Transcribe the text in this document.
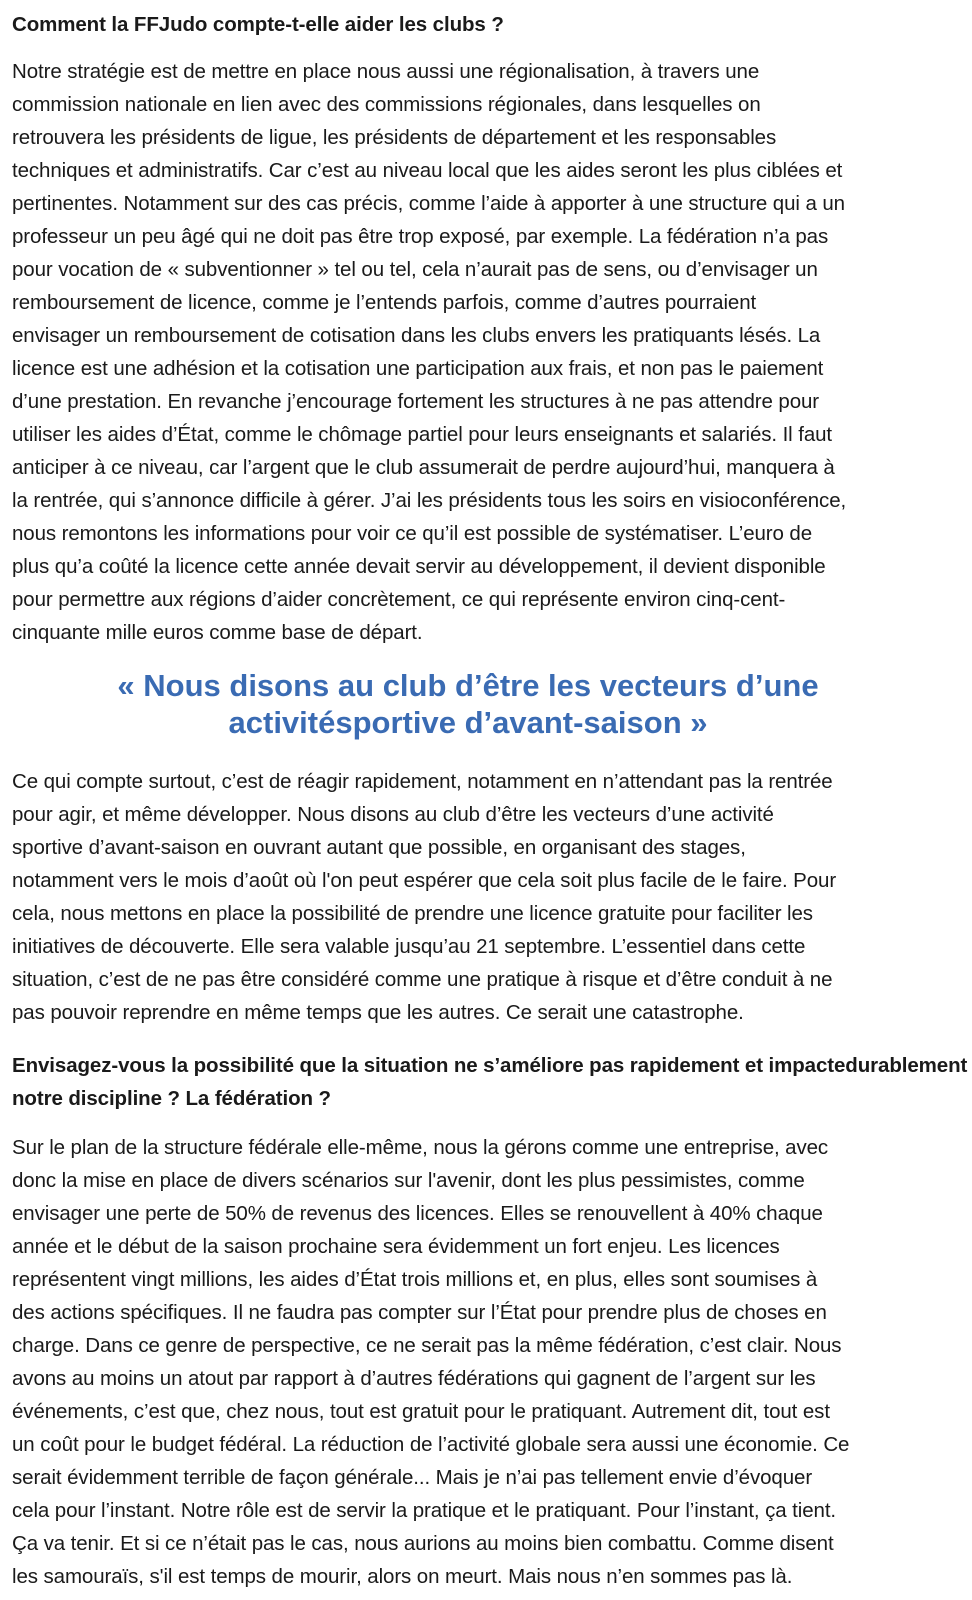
Comment la FFJudo compte-t-elle aider les clubs ?
Notre stratégie est de mettre en place nous aussi une régionalisation, à travers une
commission nationale en lien avec des commissions régionales, dans lesquelles on
retrouvera les présidents de ligue, les présidents de département et les responsables
techniques et administratifs. Car c’est au niveau local que les aides seront les plus ciblées et
pertinentes. Notamment sur des cas précis, comme l’aide à apporter à une structure qui a un
professeur un peu âgé qui ne doit pas être trop exposé, par exemple. La fédération n’a pas
pour vocation de « subventionner » tel ou tel, cela n’aurait pas de sens, ou d’envisager un
remboursement de licence, comme je l’entends parfois, comme d’autres pourraient
envisager un remboursement de cotisation dans les clubs envers les pratiquants lésés. La
licence est une adhésion et la cotisation une participation aux frais, et non pas le paiement
d’une prestation. En revanche j’encourage fortement les structures à ne pas attendre pour
utiliser les aides d’État, comme le chômage partiel pour leurs enseignants et salariés. Il faut
anticiper à ce niveau, car l’argent que le club assumerait de perdre aujourd’hui, manquera à
la rentrée, qui s’annonce difficile à gérer. J’ai les présidents tous les soirs en visioconférence,
nous remontons les informations pour voir ce qu’il est possible de systématiser. L’euro de
plus qu’a coûté la licence cette année devait servir au développement, il devient disponible
pour permettre aux régions d’aider concrètement, ce qui représente environ cinq-cent-
cinquante mille euros comme base de départ.
« Nous disons au club d’être les vecteurs d’une activitésportive d’avant-saison »
Ce qui compte surtout, c’est de réagir rapidement, notamment en n’attendant pas la rentrée
pour agir, et même développer. Nous disons au club d’être les vecteurs d’une activité
sportive d’avant-saison en ouvrant autant que possible, en organisant des stages,
notamment vers le mois d’août où l'on peut espérer que cela soit plus facile de le faire. Pour
cela, nous mettons en place la possibilité de prendre une licence gratuite pour faciliter les
initiatives de découverte. Elle sera valable jusqu’au 21 septembre. L’essentiel dans cette
situation, c’est de ne pas être considéré comme une pratique à risque et d’être conduit à ne
pas pouvoir reprendre en même temps que les autres. Ce serait une catastrophe.
Envisagez-vous la possibilité que la situation ne s’améliore pas rapidement et impactedurablement notre discipline ? La fédération ?
Sur le plan de la structure fédérale elle-même, nous la gérons comme une entreprise, avec
donc la mise en place de divers scénarios sur l'avenir, dont les plus pessimistes, comme
envisager une perte de 50% de revenus des licences. Elles se renouvellent à 40% chaque
année et le début de la saison prochaine sera évidemment un fort enjeu. Les licences
représentent vingt millions, les aides d’État trois millions et, en plus, elles sont soumises à
des actions spécifiques. Il ne faudra pas compter sur l’État pour prendre plus de choses en
charge. Dans ce genre de perspective, ce ne serait pas la même fédération, c’est clair. Nous
avons au moins un atout par rapport à d’autres fédérations qui gagnent de l’argent sur les
événements, c’est que, chez nous, tout est gratuit pour le pratiquant. Autrement dit, tout est
un coût pour le budget fédéral. La réduction de l’activité globale sera aussi une économie. Ce
serait évidemment terrible de façon générale... Mais je n’ai pas tellement envie d’évoquer
cela pour l’instant. Notre rôle est de servir la pratique et le pratiquant. Pour l’instant, ça tient.
Ça va tenir. Et si ce n’était pas le cas, nous aurions au moins bien combattu. Comme disent
les samouraïs, s'il est temps de mourir, alors on meurt. Mais nous n’en sommes pas là.
